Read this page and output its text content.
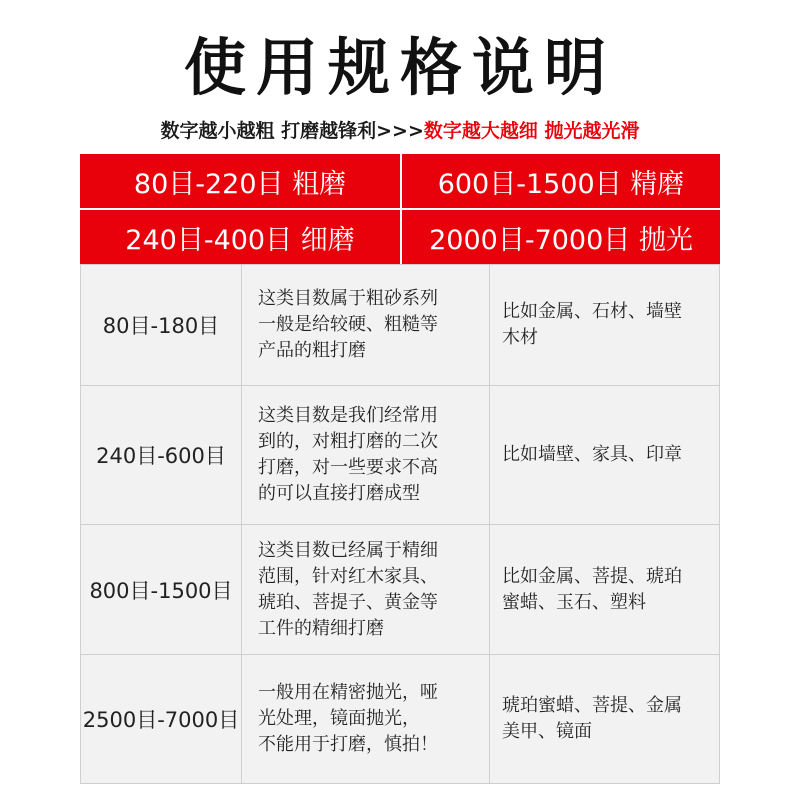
使用规格说明
数字越小越粗 打磨越锋利>>>数字越大越细 抛光越光滑
80目-220目 粗磨	600目-1500目 精磨
240目-400目 细磨	2000目-7000目 抛光
80目-180目
这类目数属于粗砂系列
一般是给较硬、粗糙等
产品的粗打磨
比如金属、石材、墙壁
木材
240目-600目
这类目数是我们经常用
到的，对粗打磨的二次
打磨，对一些要求不高
的可以直接打磨成型
比如墙壁、家具、印章
800目-1500目
这类目数已经属于精细
范围，针对红木家具、
琥珀、菩提子、黄金等
工件的精细打磨
比如金属、菩提、琥珀
蜜蜡、玉石、塑料
2500目-7000目
一般用在精密抛光，哑
光处理，镜面抛光，
不能用于打磨，慎拍！
琥珀蜜蜡、菩提、金属
美甲、镜面
